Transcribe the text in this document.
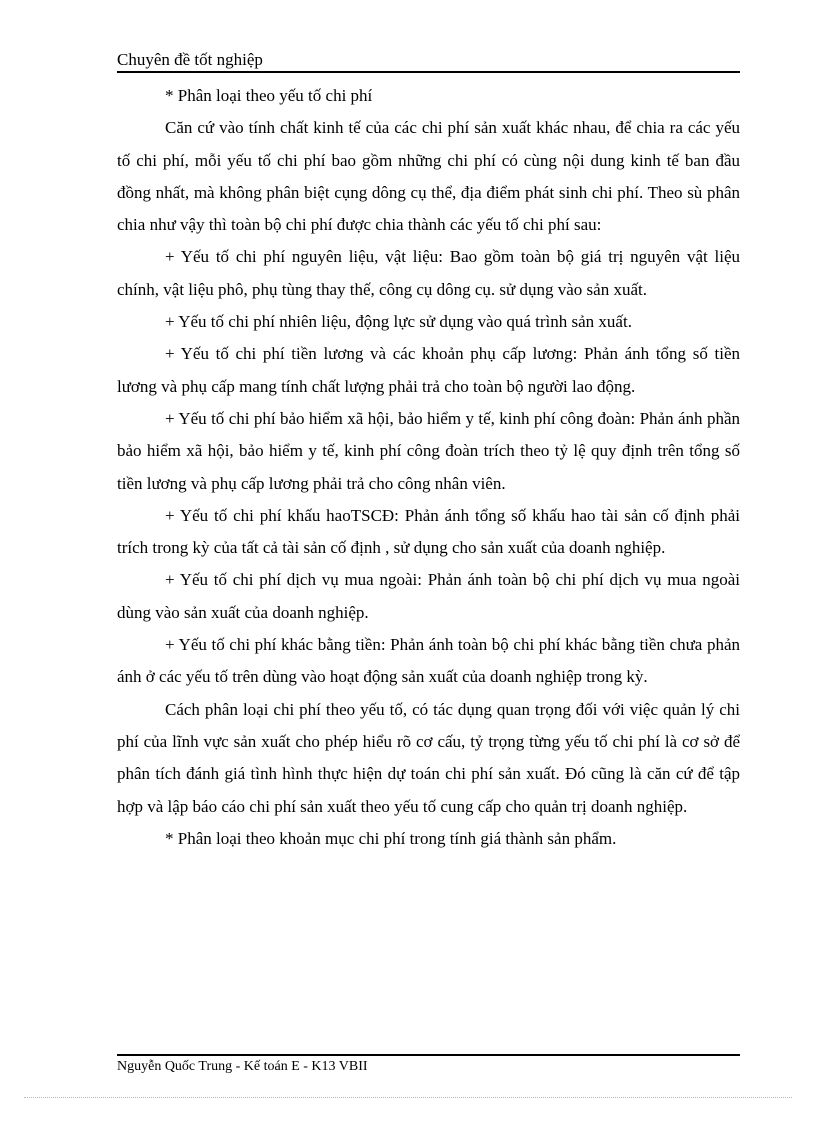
Chuyên đề tốt nghiệp

* Phân loại theo yếu tố chi phí

Căn cứ vào tính chất kinh tế của các chi phí sản xuất khác nhau, để chia ra các yếu tố chi phí, mỗi yếu tố chi phí bao gồm những chi phí có cùng nội dung kinh tế ban đầu đồng nhất, mà không phân biệt cụng dông cụ thể, địa điểm phát sinh chi phí. Theo sù phân chia như vậy thì toàn bộ chi phí được chia thành các yếu tố chi phí sau:

+ Yếu tố chi phí nguyên liệu, vật liệu: Bao gồm toàn bộ giá trị nguyên vật liệu chính, vật liệu phô, phụ tùng thay thế, công cụ dông cụ. sử dụng vào sản xuất.

+ Yếu tố chi phí nhiên liệu, động lực sử dụng vào quá trình sản xuất.

+ Yếu tố chi phí tiền lương và các khoản phụ cấp lương: Phản ánh tổng số tiền lương và phụ cấp mang tính chất lượng phải trả cho toàn bộ người lao động.

+ Yếu tố chi phí bảo hiểm xã hội, bảo hiểm y tế, kinh phí công đoàn: Phản ánh phần bảo hiểm xã hội, bảo hiểm y tế, kinh phí công đoàn trích theo tỷ lệ quy định trên tổng số tiền lương và phụ cấp lương phải trả cho công nhân viên.

+ Yếu tố chi phí khấu haoTSCĐ: Phản ánh tổng số khấu hao tài sản cố định phải trích trong kỳ của tất cả tài sản cố định , sử dụng cho sản xuất của doanh nghiệp.

+ Yếu tố chi phí dịch vụ mua ngoài: Phản ánh toàn bộ chi phí dịch vụ mua ngoài dùng vào sản xuất của doanh nghiệp.

+ Yếu tố chi phí khác bằng tiền: Phản ánh toàn bộ chi phí khác bằng tiền chưa phản ánh ở các yếu tố trên dùng vào hoạt động sản xuất của doanh nghiệp trong kỳ.

Cách phân loại chi phí theo yếu tố, có tác dụng quan trọng đối với việc quản lý chi phí của lĩnh vực sản xuất cho phép hiểu rõ cơ cấu, tỷ trọng từng yếu tố chi phí là cơ sở để phân tích đánh giá tình hình thực hiện dự toán chi phí sản xuất. Đó cũng là căn cứ để tập hợp và lập báo cáo chi phí sản xuất theo yếu tố cung cấp cho quản trị doanh nghiệp.

* Phân loại theo khoản mục chi phí trong tính giá thành sản phẩm.

Nguyễn Quốc Trung - Kế toán E - K13 VBII
